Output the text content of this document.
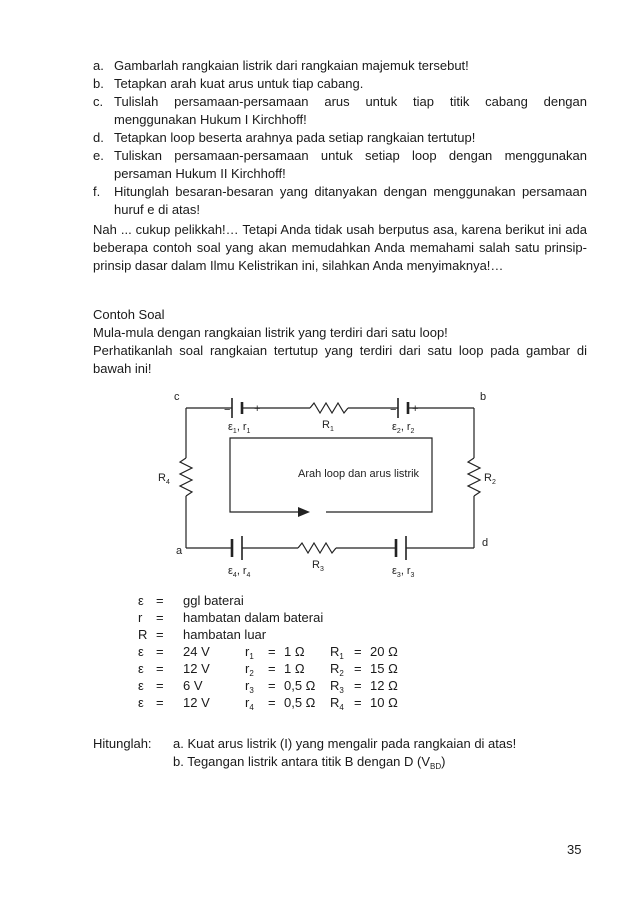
a. Gambarlah rangkaian listrik dari rangkaian majemuk tersebut!
b. Tetapkan arah kuat arus untuk tiap cabang.
c. Tulislah persamaan-persamaan arus untuk tiap titik cabang dengan menggunakan Hukum I Kirchhoff!
d. Tetapkan loop beserta arahnya pada setiap rangkaian tertutup!
e. Tuliskan persamaan-persamaan untuk setiap loop dengan menggunakan persaman Hukum II Kirchhoff!
f. Hitunglah besaran-besaran yang ditanyakan dengan menggunakan persamaan huruf e di atas!
Nah ... cukup pelikkah!… Tetapi Anda tidak usah berputus asa, karena berikut ini ada beberapa contoh soal yang akan memudahkan Anda memahami salah satu prinsip-prinsip dasar dalam Ilmu Kelistrikan ini, silahkan Anda menyimaknya!…
Contoh Soal
Mula-mula dengan rangkaian listrik yang terdiri dari satu loop!
Perhatikanlah soal rangkaian tertutup yang terdiri dari satu loop pada gambar di bawah ini!
c	b
a
d
− +	− +
$\varepsilon_1$, $r_1$
$R_1$	$\varepsilon_2$, $r_2$
$R_4$	$R_2$
Arah loop dan arus listrik
$\varepsilon_4$, $r_4$
$R_3$	$\varepsilon_3$, $r_3$
ε = ggl baterai
r = hambatan dalam baterai
R = hambatan luar
ε = 24 V	$r_1 = 1$ Ω $R_1 = 20$ Ω
ε = 12 V	$r_2 = 1$ Ω $R_2 = 15$ Ω
ε = 6 V	$r_3 = 0,5$ Ω $R_3 = 12$ Ω
ε = 12 V	$r_4 = 0,5$ Ω $R_4 = 10$ Ω
Hitunglah: a. Kuat arus listrik (I) yang mengalir pada rangkaian di atas!
b. Tegangan listrik antara titik B dengan D $(V_{BD})$
35
